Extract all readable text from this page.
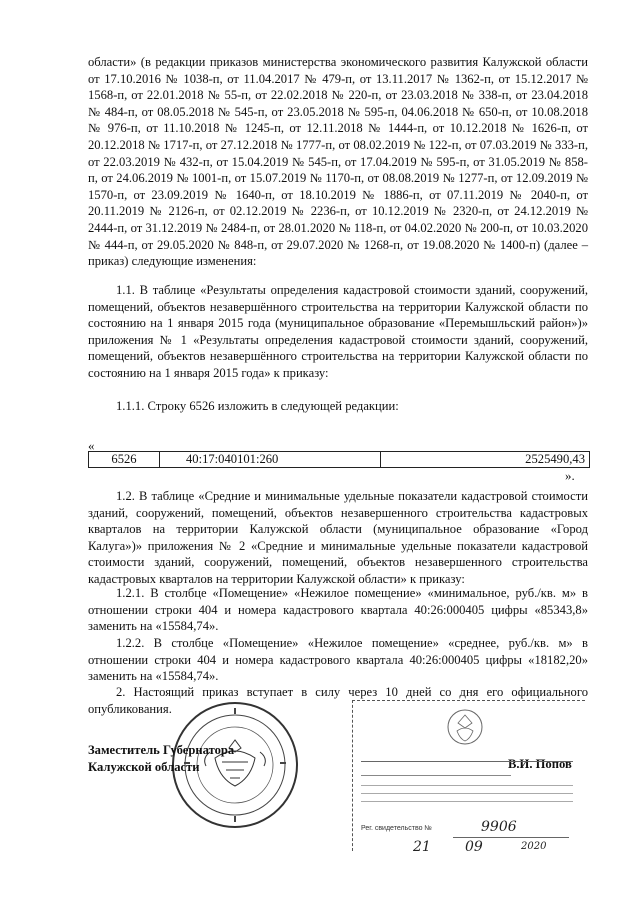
области» (в редакции приказов министерства экономического развития Калужской области от 17.10.2016 № 1038-п, от 11.04.2017 № 479-п, от 13.11.2017 № 1362-п, от 15.12.2017 № 1568-п, от 22.01.2018 № 55-п, от 22.02.2018 № 220-п, от 23.03.2018 № 338-п, от 23.04.2018 № 484-п, от 08.05.2018 № 545-п, от 23.05.2018 № 595-п, 04.06.2018 № 650-п, от 10.08.2018 № 976-п, от 11.10.2018 № 1245-п, от 12.11.2018 № 1444-п, от 10.12.2018 № 1626-п, от 20.12.2018 № 1717-п, от 27.12.2018 № 1777-п, от 08.02.2019 № 122-п, от 07.03.2019 № 333-п, от 22.03.2019 № 432-п, от 15.04.2019 № 545-п, от 17.04.2019 № 595-п, от 31.05.2019 № 858-п, от 24.06.2019 № 1001-п, от 15.07.2019 № 1170-п, от 08.08.2019 № 1277-п, от 12.09.2019 № 1570-п, от 23.09.2019 № 1640-п, от 18.10.2019 № 1886-п, от 07.11.2019 № 2040-п, от 20.11.2019 № 2126-п, от 02.12.2019 № 2236-п, от 10.12.2019 № 2320-п, от 24.12.2019 № 2444-п, от 31.12.2019 № 2484-п, от 28.01.2020 № 118-п, от 04.02.2020 № 200-п, от 10.03.2020 № 444-п, от 29.05.2020 № 848-п, от 29.07.2020 № 1268-п, от 19.08.2020 № 1400-п) (далее – приказ) следующие изменения:

1.1. В таблице «Результаты определения кадастровой стоимости зданий, сооружений, помещений, объектов незавершённого строительства на территории Калужской области по состоянию на 1 января 2015 года (муниципальное образование «Перемышльский район»)» приложения № 1 «Результаты определения кадастровой стоимости зданий, сооружений, помещений, объектов незавершённого строительства на территории Калужской области по состоянию на 1 января 2015 года» к приказу:

1.1.1. Строку 6526 изложить в следующей редакции:

«
6526	40:17:040101:260	2525490,43
».

1.2. В таблице «Средние и минимальные удельные показатели кадастровой стоимости зданий, сооружений, помещений, объектов незавершенного строительства кадастровых кварталов на территории Калужской области (муниципальное образование «Город Калуга»)» приложения № 2 «Средние и минимальные удельные показатели кадастровой стоимости зданий, сооружений, помещений, объектов незавершенного строительства кадастровых кварталов на территории Калужской области» к приказу:

1.2.1. В столбце «Помещение» «Нежилое помещение» «минимальное, руб./кв. м» в отношении строки 404 и номера кадастрового квартала 40:26:000405 цифры «85343,8» заменить на «15584,74».

1.2.2. В столбце «Помещение» «Нежилое помещение» «среднее, руб./кв. м» в отношении строки 404 и номера кадастрового квартала 40:26:000405 цифры «18182,20» заменить на «15584,74».

2. Настоящий приказ вступает в силу через 10 дней со дня его официального опубликования.

Заместитель Губернатора
Калужской области	В.И. Попов
Рег. свидетельство №	9906
21 09	2020
